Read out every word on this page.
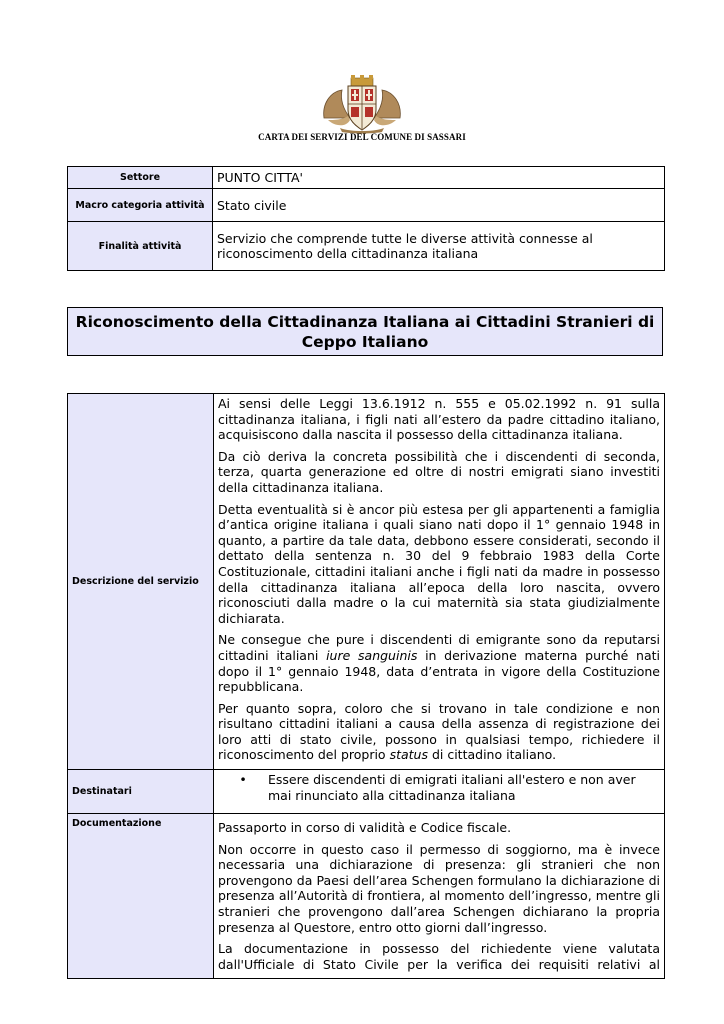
CARTA DEI SERVIZI DEL COMUNE DI SASSARI
Settore	PUNTO CITTA'
Macro categoria attività	Stato civile
Finalità attività	Servizio che comprende tutte le diverse attività connesse al riconoscimento della cittadinanza italiana
Riconoscimento della Cittadinanza Italiana ai Cittadini Stranieri di Ceppo Italiano
Descrizione del servizio	Ai sensi delle Leggi 13.6.1912 n. 555 e 05.02.1992 n. 91 sulla cittadinanza italiana, i figli nati all’estero da padre cittadino italiano, acquisiscono dalla nascita il possesso della cittadinanza italiana.

Da ciò deriva la concreta possibilità che i discendenti di seconda, terza, quarta generazione ed oltre di nostri emigrati siano investiti della cittadinanza italiana.

Detta eventualità si è ancor più estesa per gli appartenenti a famiglia d’antica origine italiana i quali siano nati dopo il 1° gennaio 1948 in quanto, a partire da tale data, debbono essere considerati, secondo il dettato della sentenza n. 30 del 9 febbraio 1983 della Corte Costituzionale, cittadini italiani anche i figli nati da madre in possesso della cittadinanza italiana all’epoca della loro nascita, ovvero riconosciuti dalla madre o la cui maternità sia stata giudizialmente dichiarata.

Ne consegue che pure i discendenti di emigrante sono da reputarsi cittadini italiani iure sanguinis in derivazione materna purché nati dopo il 1° gennaio 1948, data d’entrata in vigore della Costituzione repubblicana.

Per quanto sopra, coloro che si trovano in tale condizione e non risultano cittadini italiani a causa della assenza di registrazione dei loro atti di stato civile, possono in qualsiasi tempo, richiedere il riconoscimento del proprio status di cittadino italiano.

Destinatari	• Essere discendenti di emigrati italiani all'estero e non aver mai rinunciato alla cittadinanza italiana

Documentazione	Passaporto in corso di validità e Codice fiscale.

Non occorre in questo caso il permesso di soggiorno, ma è invece necessaria una dichiarazione di presenza: gli stranieri che non provengono da Paesi dell’area Schengen formulano la dichiarazione di presenza all’Autorità di frontiera, al momento dell’ingresso, mentre gli stranieri che provengono dall’area Schengen dichiarano la propria presenza al Questore, entro otto giorni dall’ingresso.

La documentazione in possesso del richiedente viene valutata dall'Ufficiale di Stato Civile per la verifica dei requisiti relativi al
